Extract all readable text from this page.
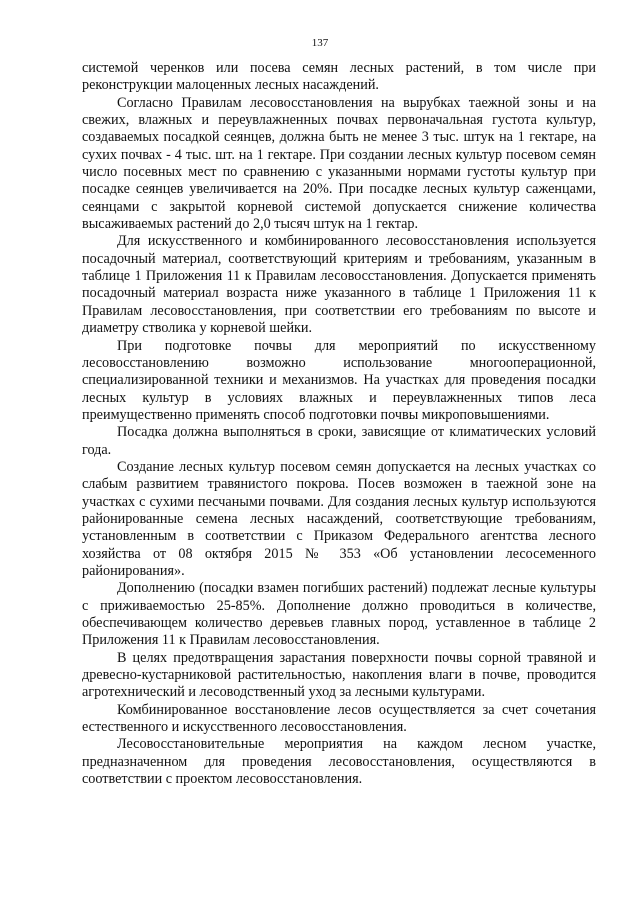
137

системой черенков или посева семян лесных растений, в том числе при реконструкции малоценных лесных насаждений.

Согласно Правилам лесовосстановления на вырубках таежной зоны и на свежих, влажных и переувлажненных почвах первоначальная густота культур, создаваемых посадкой сеянцев, должна быть не менее 3 тыс. штук на 1 гектаре, на сухих почвах - 4 тыс. шт. на 1 гектаре. При создании лесных культур посевом семян число посевных мест по сравнению с указанными нормами густоты культур при посадке сеянцев увеличивается на 20%. При посадке лесных культур саженцами, сеянцами с закрытой корневой системой допускается снижение количества высаживаемых растений до 2,0 тысяч штук на 1 гектар.

Для искусственного и комбинированного лесовосстановления используется посадочный материал, соответствующий критериям и требованиям, указанным в таблице 1 Приложения 11 к Правилам лесовосстановления. Допускается применять посадочный материал возраста ниже указанного в таблице 1 Приложения 11 к Правилам лесовосстановления, при соответствии его требованиям по высоте и диаметру стволика у корневой шейки.

При подготовке почвы для мероприятий по искусственному лесовосстановлению возможно использование многооперационной, специализированной техники и механизмов. На участках для проведения посадки лесных культур в условиях влажных и переувлажненных типов леса преимущественно применять способ подготовки почвы микроповышениями.

Посадка должна выполняться в сроки, зависящие от климатических условий года.

Создание лесных культур посевом семян допускается на лесных участках со слабым развитием травянистого покрова. Посев возможен в таежной зоне на участках с сухими песчаными почвами. Для создания лесных культур используются районированные семена лесных насаждений, соответствующие требованиям, установленным в соответствии с Приказом Федерального агентства лесного хозяйства от 08 октября 2015 № 353 «Об установлении лесосеменного районирования».

Дополнению (посадки взамен погибших растений) подлежат лесные культуры с приживаемостью 25-85%. Дополнение должно проводиться в количестве, обеспечивающем количество деревьев главных пород, уставленное в таблице 2 Приложения 11 к Правилам лесовосстановления.

В целях предотвращения зарастания поверхности почвы сорной травяной и древесно-кустарниковой растительностью, накопления влаги в почве, проводится агротехнический и лесоводственный уход за лесными культурами.

Комбинированное восстановление лесов осуществляется за счет сочетания естественного и искусственного лесовосстановления.

Лесовосстановительные мероприятия на каждом лесном участке, предназначенном для проведения лесовосстановления, осуществляются в соответствии с проектом лесовосстановления.
